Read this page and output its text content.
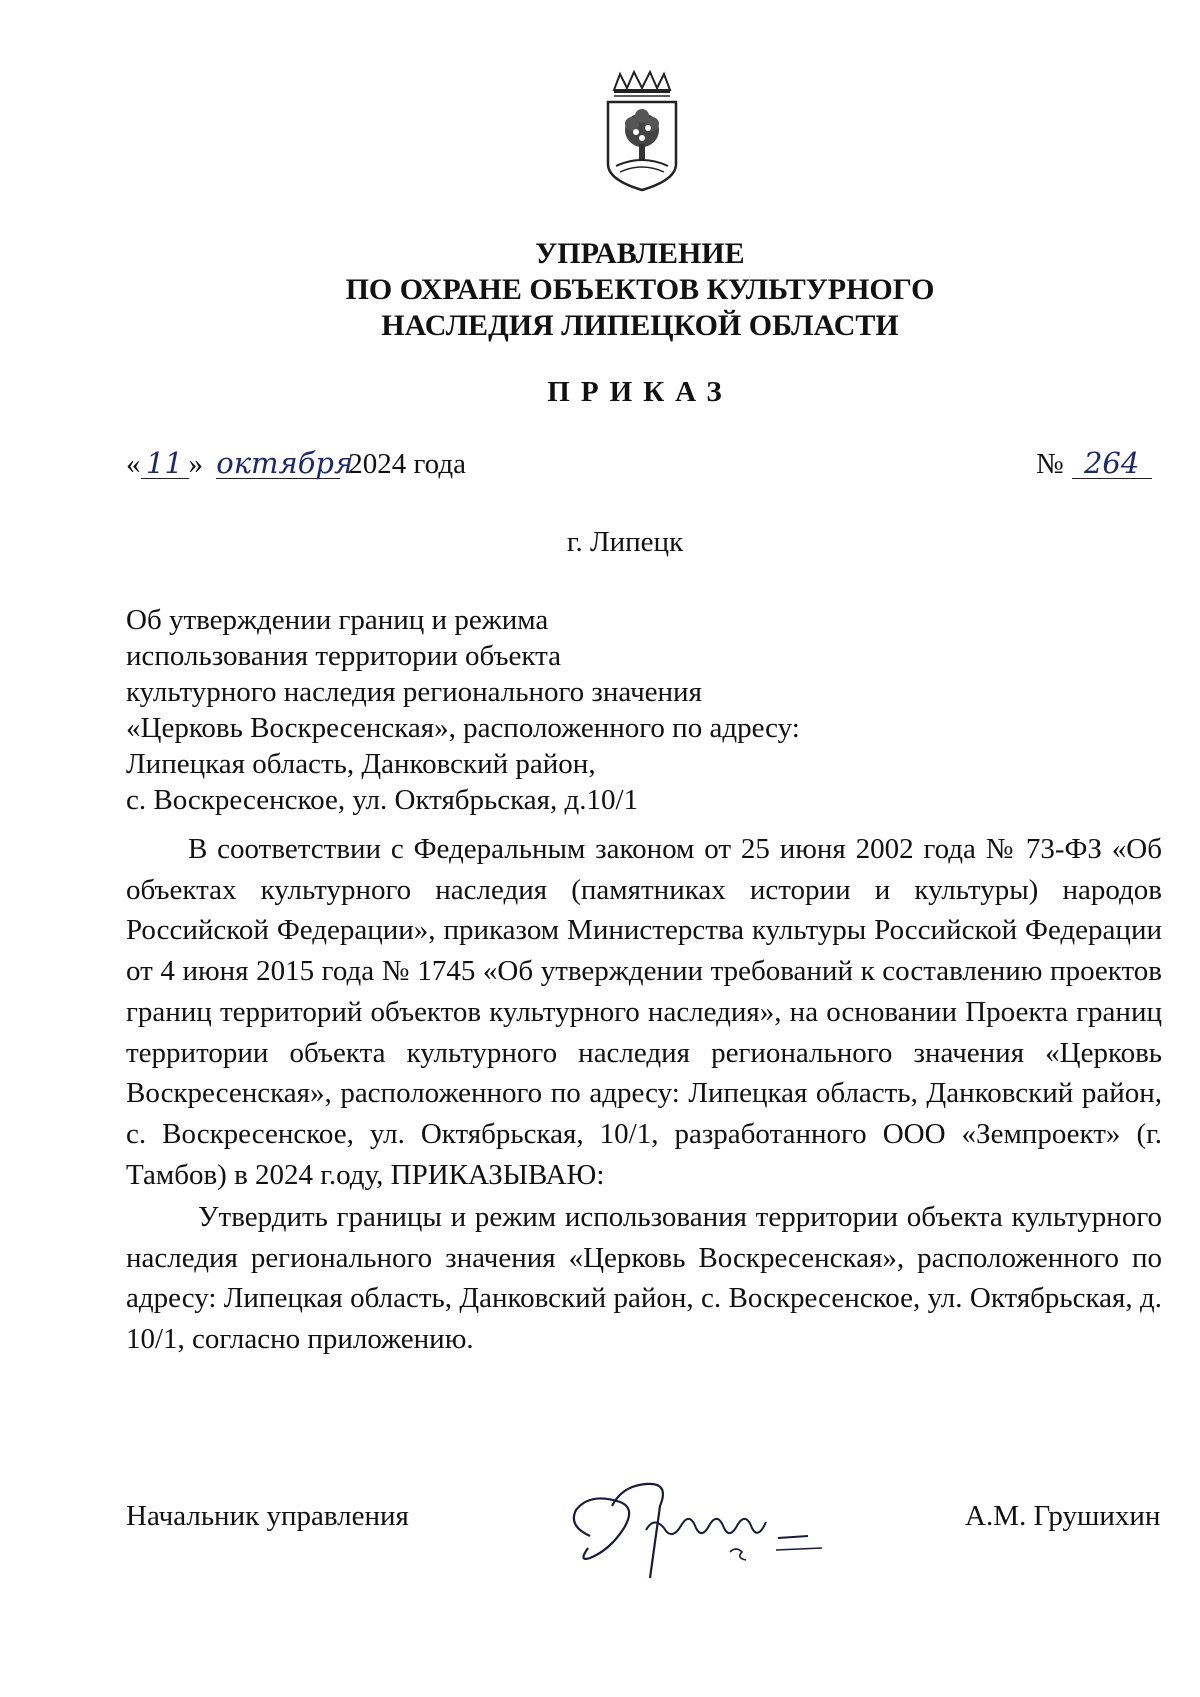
УПРАВЛЕНИЕ
ПО ОХРАНЕ ОБЪЕКТОВ КУЛЬТУРНОГО
НАСЛЕДИЯ ЛИПЕЦКОЙ ОБЛАСТИ
ПРИКАЗ
« 11 » октября2024 года	№ 264
г. Липецк
Об утверждении границ и режима
использования территории объекта
культурного наследия регионального значения
«Церковь Воскресенская», расположенного по адресу:
Липецкая область, Данковский район,
с. Воскресенское, ул. Октябрьская, д.10/1
В соответствии с Федеральным законом от 25 июня 2002 года № 73-ФЗ «Об объектах культурного наследия (памятниках истории и культуры) народов Российской Федерации», приказом Министерства культуры Российской Федерации от 4 июня 2015 года № 1745 «Об утверждении требований к составлению проектов границ территорий объектов культурного наследия», на основании Проекта границ территории объекта культурного наследия регионального значения «Церковь Воскресенская», расположенного по адресу: Липецкая область, Данковский район, с. Воскресенское, ул. Октябрьская, 10/1, разработанного ООО «Земпроект» (г. Тамбов) в 2024 г.оду, ПРИКАЗЫВАЮ:
Утвердить границы и режим использования территории объекта культурного наследия регионального значения «Церковь Воскресенская», расположенного по адресу: Липецкая область, Данковский район, с. Воскресенское, ул. Октябрьская, д. 10/1, согласно приложению.
Начальник управления	А.М. Грушихин
